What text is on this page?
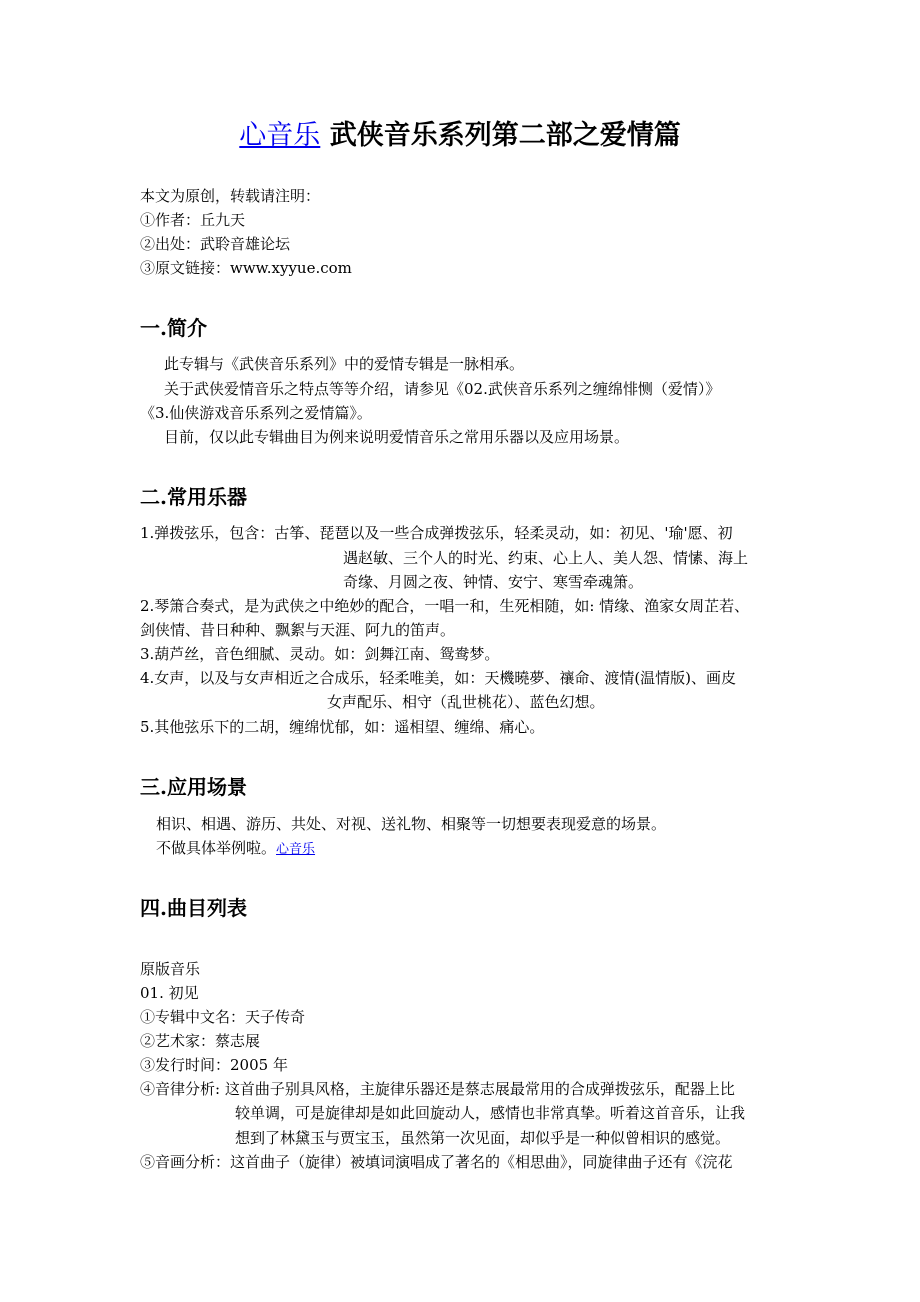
心音乐 武侠音乐系列第二部之爱情篇
本文为原创，转载请注明：
①作者：丘九天
②出处：武聆音雄论坛
③原文链接：www.xyyue.com
一.简介
此专辑与《武侠音乐系列》中的爱情专辑是一脉相承。
关于武侠爱情音乐之特点等等介绍，请参见《02.武侠音乐系列之缠绵悱恻（爱情）》
《3.仙侠游戏音乐系列之爱情篇》。
目前，仅以此专辑曲目为例来说明爱情音乐之常用乐器以及应用场景。
二.常用乐器
1.弹拨弦乐，包含：古筝、琵琶以及一些合成弹拨弦乐，轻柔灵动，如：初见、'瑜'愿、初
遇赵敏、三个人的时光、约束、心上人、美人怨、情愫、海上
奇缘、月圆之夜、钟情、安宁、寒雪牵魂箫。
2.琴箫合奏式，是为武侠之中绝妙的配合，一唱一和，生死相随，如: 情缘、渔家女周芷若、
剑侠情、昔日种种、飘絮与天涯、阿九的笛声。
3.葫芦丝，音色细腻、灵动。如：剑舞江南、鸳鸯梦。
4.女声，以及与女声相近之合成乐，轻柔唯美，如：天機曉夢、禳命、渡情(温情版)、画皮
女声配乐、相守（乱世桃花）、蓝色幻想。
5.其他弦乐下的二胡，缠绵忧郁，如：遥相望、缠绵、痛心。
三.应用场景
相识、相遇、游历、共处、对视、送礼物、相聚等一切想要表现爱意的场景。
不做具体举例啦。心音乐
四.曲目列表
原版音乐
01. 初见
①专辑中文名：天子传奇
②艺术家：蔡志展
③发行时间：2005 年
④音律分析: 这首曲子别具风格，主旋律乐器还是蔡志展最常用的合成弹拨弦乐，配器上比
较单调，可是旋律却是如此回旋动人，感情也非常真挚。听着这首音乐，让我
想到了林黛玉与贾宝玉，虽然第一次见面，却似乎是一种似曾相识的感觉。
⑤音画分析：这首曲子（旋律）被填词演唱成了著名的《相思曲》，同旋律曲子还有《浣花
